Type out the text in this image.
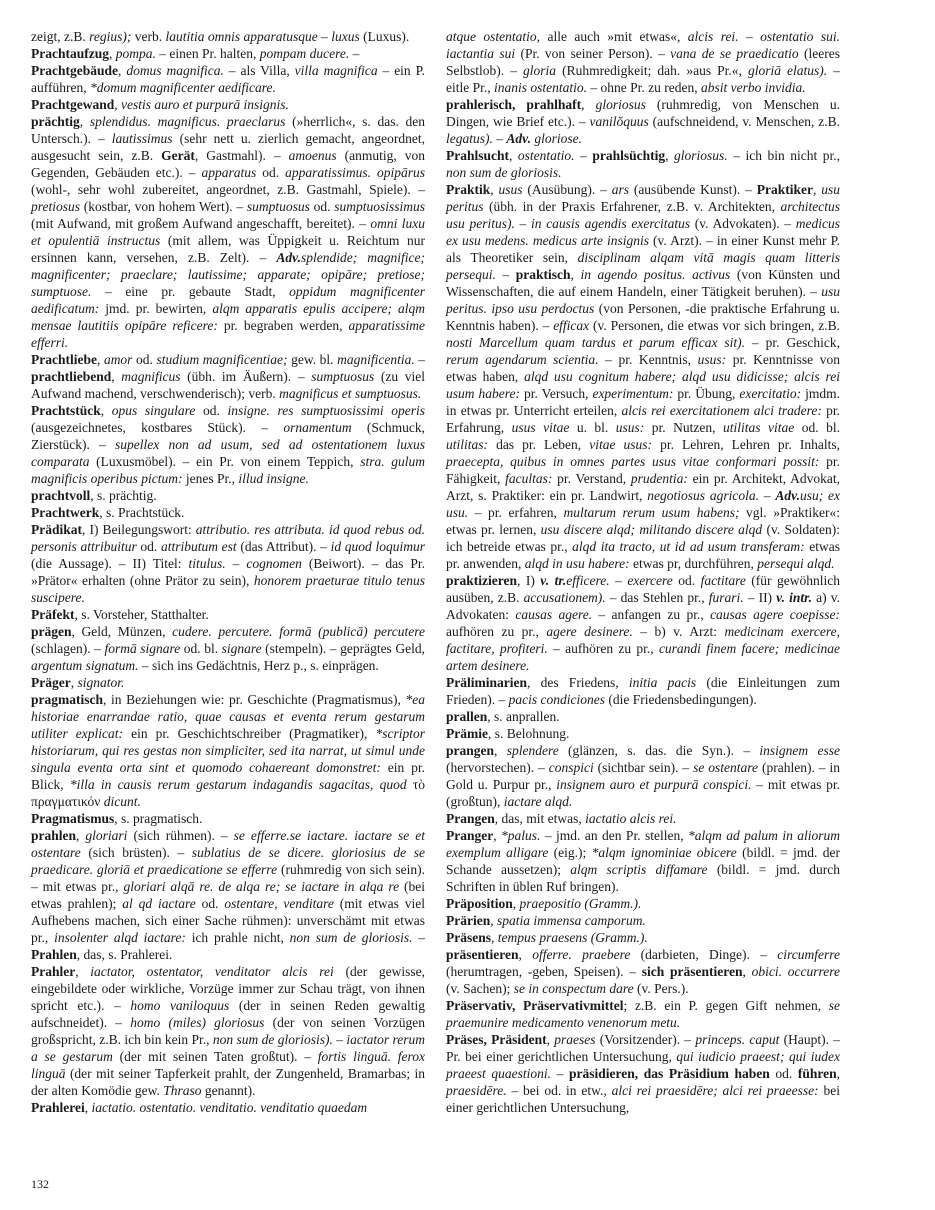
zeigt, z.B. regius); verb. lautitia omnis apparatusque – luxus (Luxus).

Prachtaufzug, pompa. – einen Pr. halten, pompam ducere. –

Prachtgebäude, domus magnifica. – als Villa, villa magnifica – ein P. aufführen, *domum magnificenter aedificare.

Prachtgewand, vestis auro et purpurā insignis.

prächtig, splendidus. magnificus. praeclarus (»herrlich«, s. das. den Untersch.). – lautissimus (sehr nett u. zierlich gemacht, angeordnet, ausgesucht sein, z.B. Gerät, Gastmahl). – amoenus (anmutig, von Gegenden, Gebäuden etc.). – apparatus od. apparatissimus. opipārus (wohl-, sehr wohl zubereitet, angeordnet, z.B. Gastmahl, Spiele). – pretiosus (kostbar, von hohem Wert). – sumptuosus od. sumptuosissimus (mit Aufwand, mit großem Aufwand angeschafft, bereitet). – omni luxu et opulentiā instructus (mit allem, was Üppigkeit u. Reichtum nur ersinnen kann, versehen, z.B. Zelt). – Adv.splendide; magnifice; magnificenter; praeclare; lautissime; apparate; opipāre; pretiose; sumptuose. – eine pr. gebaute Stadt, oppidum magnificenter aedificatum: jmd. pr. bewirten, alqm apparatis epulis accipere; alqm mensae lautitiis opipāre reficere: pr. begraben werden, apparatissime efferri.

Prachtliebe, amor od. studium magnificentiae; gew. bl. magnificentia. – prachtliebend, magnificus (übh. im Äußern). – sumptuosus (zu viel Aufwand machend, verschwenderisch); verb. magnificus et sumptuosus.

Prachtstück, opus singulare od. insigne. res sumptuosissimi operis (ausgezeichnetes, kostbares Stück). – ornamentum (Schmuck, Zierstück). – supellex non ad usum, sed ad ostentationem luxus comparata (Luxusmöbel). – ein Pr. von einem Teppich, stra. gulum magnificis operibus pictum: jenes Pr., illud insigne.

prachtvoll, s. prächtig.

Prachtwerk, s. Prachtstück.

Prädikat, I) Beilegungswort: attributio. res attributa. id quod rebus od. personis attribuitur od. attributum est (das Attribut). – id quod loquimur (die Aussage). – II) Titel: titulus. – cognomen (Beiwort). – das Pr. »Prätor« erhalten (ohne Prätor zu sein), honorem praeturae titulo tenus suscipere.

Präfekt, s. Vorsteher, Statthalter.

prägen, Geld, Münzen, cudere. percutere. formā (publicā) percutere (schlagen). – formā signare od. bl. signare (stempeln). – geprägtes Geld, argentum signatum. – sich ins Gedächtnis, Herz p., s. einprägen.

Präger, signator.

pragmatisch, in Beziehungen wie: pr. Geschichte (Pragmatismus), *ea historiae enarrandae ratio, quae causas et eventa rerum gestarum utiliter explicat: ein pr. Geschichtschreiber (Pragmatiker), *scriptor historiarum, qui res gestas non simpliciter, sed ita narrat, ut simul unde singula eventa orta sint et quomodo cohaereant domonstret: ein pr. Blick, *illa in causis rerum gestarum indagandis sagacitas, quod τὸ πραγματικόν dicunt.

Pragmatismus, s. pragmatisch.

prahlen, gloriari (sich rühmen). – se efferre.se iactare. iactare se et ostentare (sich brüsten). – sublatius de se dicere. gloriosius de se praedicare. gloriā et praedicatione se efferre (ruhmredig von sich sein). – mit etwas pr., gloriari alqā re. de alqa re; se iactare in alqa re (bei etwas prahlen); al qd iactare od. ostentare, venditare (mit etwas viel Aufhebens machen, sich einer Sache rühmen): unverschämt mit etwas pr., insolenter alqd iactare: ich prahle nicht, non sum de gloriosis. – Prahlen, das, s. Prahlerei.

Prahler, iactator, ostentator, venditator alcis rei (der gewisse, eingebildete oder wirkliche, Vorzüge immer zur Schau trägt, von ihnen spricht etc.). – homo vaniloquus (der in seinen Reden gewaltig aufschneidet). – homo (miles) gloriosus (der von seinen Vorzügen großspricht, z.B. ich bin kein Pr., non sum de gloriosis). – iactator rerum a se gestarum (der mit seinen Taten großtut). – fortis linguā. ferox linguā (der mit seiner Tapferkeit prahlt, der Zungenheld, Bramarbas; in der alten Komödie gew. Thraso genannt).

Prahlerei, iactatio. ostentatio. venditatio. venditatio quaedam

atque ostentatio, alle auch »mit etwas«, alcis rei. – ostentatio sui. iactantia sui (Pr. von seiner Person). – vana de se praedicatio (leeres Selbstlob). – gloria (Ruhmredigkeit; dah. »aus Pr.«, gloriā elatus). – eitle Pr., inanis ostentatio. – ohne Pr. zu reden, absit verbo invidia.

prahlerisch, prahlhaft, gloriosus (ruhmredig, von Menschen u. Dingen, wie Brief etc.). – vanilŏquus (aufschneidend, v. Menschen, z.B. legatus). – Adv. gloriose.

Prahlsucht, ostentatio. – prahlsüchtig, gloriosus. – ich bin nicht pr., non sum de gloriosis.

Praktik, usus (Ausübung). – ars (ausübende Kunst). – Praktiker, usu peritus (übh. in der Praxis Erfahrener, z.B. v. Architekten, architectus usu peritus). – in causis agendis exercitatus (v. Advokaten). – medicus ex usu medens. medicus arte insignis (v. Arzt). – in einer Kunst mehr P. als Theoretiker sein, disciplinam alqam vitā magis quam litteris persequi. – praktisch, in agendo positus. activus (von Künsten und Wissenschaften, die auf einem Handeln, einer Tätigkeit beruhen). – usu peritus. ipso usu perdoctus (von Personen, -die praktische Erfahrung u. Kenntnis haben). – efficax (v. Personen, die etwas vor sich bringen, z.B. nosti Marcellum quam tardus et parum efficax sit). – pr. Geschick, rerum agendarum scientia. – pr. Kenntnis, usus: pr. Kenntnisse von etwas haben, alqd usu cognitum habere; alqd usu didicisse; alcis rei usum habere: pr. Versuch, experimentum: pr. Übung, exercitatio: jmdm. in etwas pr. Unterricht erteilen, alcis rei exercitationem alci tradere: pr. Erfahrung, usus vitae u. bl. usus: pr. Nutzen, utilitas vitae od. bl. utilitas: das pr. Leben, vitae usus: pr. Lehren, Lehren pr. Inhalts, praecepta, quibus in omnes partes usus vitae conformari possit: pr. Fähigkeit, facultas: pr. Verstand, prudentia: ein pr. Architekt, Advokat, Arzt, s. Praktiker: ein pr. Landwirt, negotiosus agricola. – Adv.usu; ex usu. – pr. erfahren, multarum rerum usum habens; vgl. »Praktiker«: etwas pr. lernen, usu discere alqd; militando discere alqd (v. Soldaten): ich betreide etwas pr., alqd ita tracto, ut id ad usum transferam: etwas pr. anwenden, alqd in usu habere: etwas pr, durchführen, persequi alqd.

praktizieren, I) v. tr.efficere. – exercere od. factitare (für gewöhnlich ausüben, z.B. accusationem). – das Stehlen pr., furari. – II) v. intr. a) v. Advokaten: causas agere. – anfangen zu pr., causas agere coepisse: aufhören zu pr., agere desinere. – b) v. Arzt: medicinam exercere, factitare, profiteri. – aufhören zu pr., curandi finem facere; medicinae artem desinere.

Präliminarien, des Friedens, initia pacis (die Einleitungen zum Frieden). – pacis condiciones (die Friedensbedingungen).

prallen, s. anprallen.

Prämie, s. Belohnung.

prangen, splendere (glänzen, s. das. die Syn.). – insignem esse (hervorstechen). – conspici (sichtbar sein). – se ostentare (prahlen). – in Gold u. Purpur pr., insignem auro et purpurā conspici. – mit etwas pr. (großtun), iactare alqd.

Prangen, das, mit etwas, iactatio alcis rei.

Pranger, *palus. – jmd. an den Pr. stellen, *alqm ad palum in aliorum exemplum alligare (eig.); *alqm ignominiae obicere (bildl. = jmd. der Schande aussetzen); alqm scriptis diffamare (bildl. = jmd. durch Schriften in üblen Ruf bringen).

Präposition, praepositio (Gramm.).

Prärien, spatia immensa camporum.

Präsens, tempus praesens (Gramm.).

präsentieren, offerre. praebere (darbieten, Dinge). – circumferre (herumtragen, -geben, Speisen). – sich präsentieren, obici. occurrere (v. Sachen); se in conspectum dare (v. Pers.).

Präservativ, Präservativmittel; z.B. ein P. gegen Gift nehmen, se praemunire medicamento venenorum metu.

Präses, Präsident, praeses (Vorsitzender). – princeps. caput (Haupt). – Pr. bei einer gerichtlichen Untersuchung, qui iudicio praeest; qui iudex praeest quaestioni. – präsidieren, das Präsidium haben od. führen, praesidēre. – bei od. in etw., alci rei praesidēre; alci rei praeesse: bei einer gerichtlichen Untersuchung,

132
